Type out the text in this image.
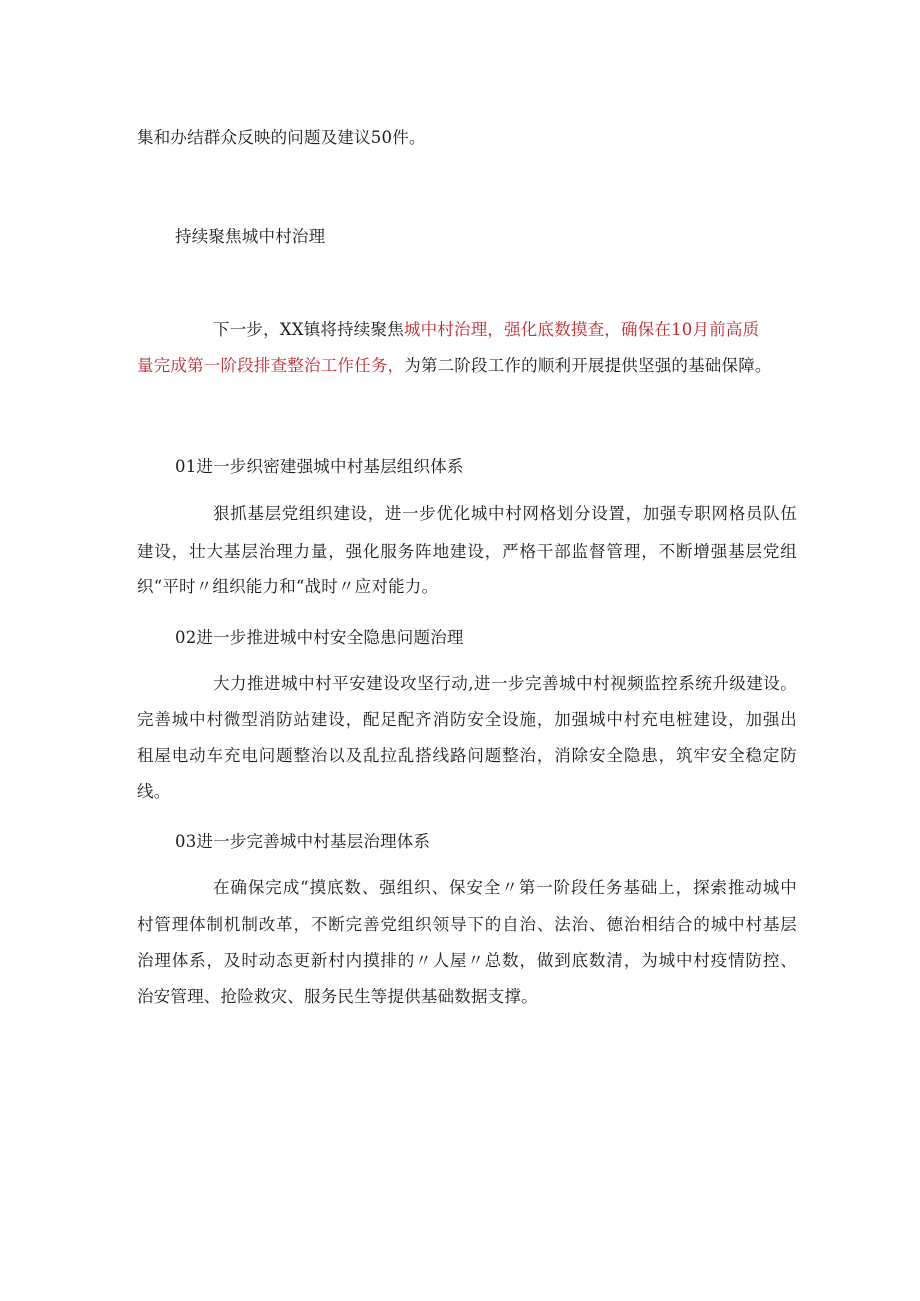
集和办结群众反映的问题及建议50件。
持续聚焦城中村治理
下一步，XX镇将持续聚焦城中村治理，强化底数摸查，确保在10月前高质
量完成第一阶段排查整治工作任务，为第二阶段工作的顺利开展提供坚强的基础保障。
01进一步织密建强城中村基层组织体系
狠抓基层党组织建设，进一步优化城中村网格划分设置，加强专职网格员队伍
建设，壮大基层治理力量，强化服务阵地建设，严格干部监督管理，不断增强基层党组
织“平时〃组织能力和“战时〃应对能力。
02进一步推进城中村安全隐患问题治理
大力推进城中村平安建设攻坚行动,进一步完善城中村视频监控系统升级建设。
完善城中村微型消防站建设，配足配齐消防安全设施，加强城中村充电桩建设，加强出
租屋电动车充电问题整治以及乱拉乱搭线路问题整治，消除安全隐患，筑牢安全稳定防
线。
03进一步完善城中村基层治理体系
在确保完成“摸底数、强组织、保安全〃第一阶段任务基础上，探索推动城中
村管理体制机制改革，不断完善党组织领导下的自治、法治、德治相结合的城中村基层
治理体系，及时动态更新村内摸排的〃人屋〃总数，做到底数清，为城中村疫情防控、
治安管理、抢险救灾、服务民生等提供基础数据支撑。
